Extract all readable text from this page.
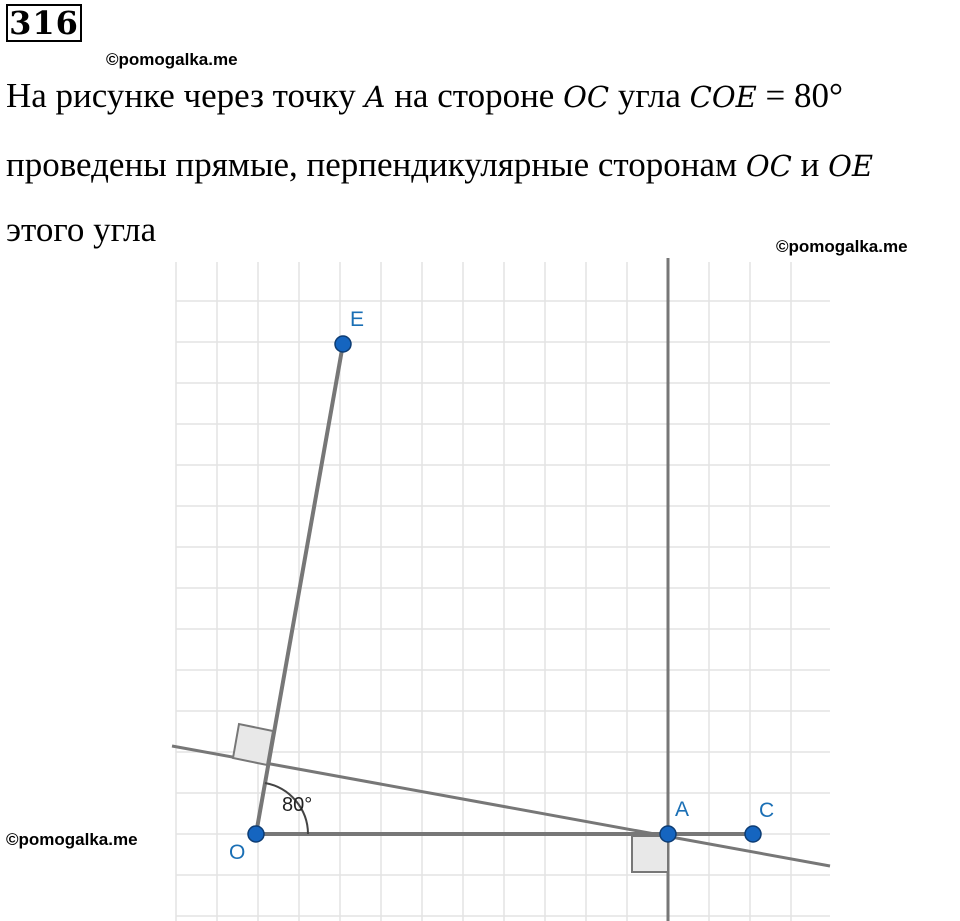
316
©pomogalka.me
©pomogalka.me
©pomogalka.me
На рисунке через точку A на стороне OC угла COE = 80°
проведены прямые, перпендикулярные сторонам OC и OE
этого угла
80°
E
O
A	C
